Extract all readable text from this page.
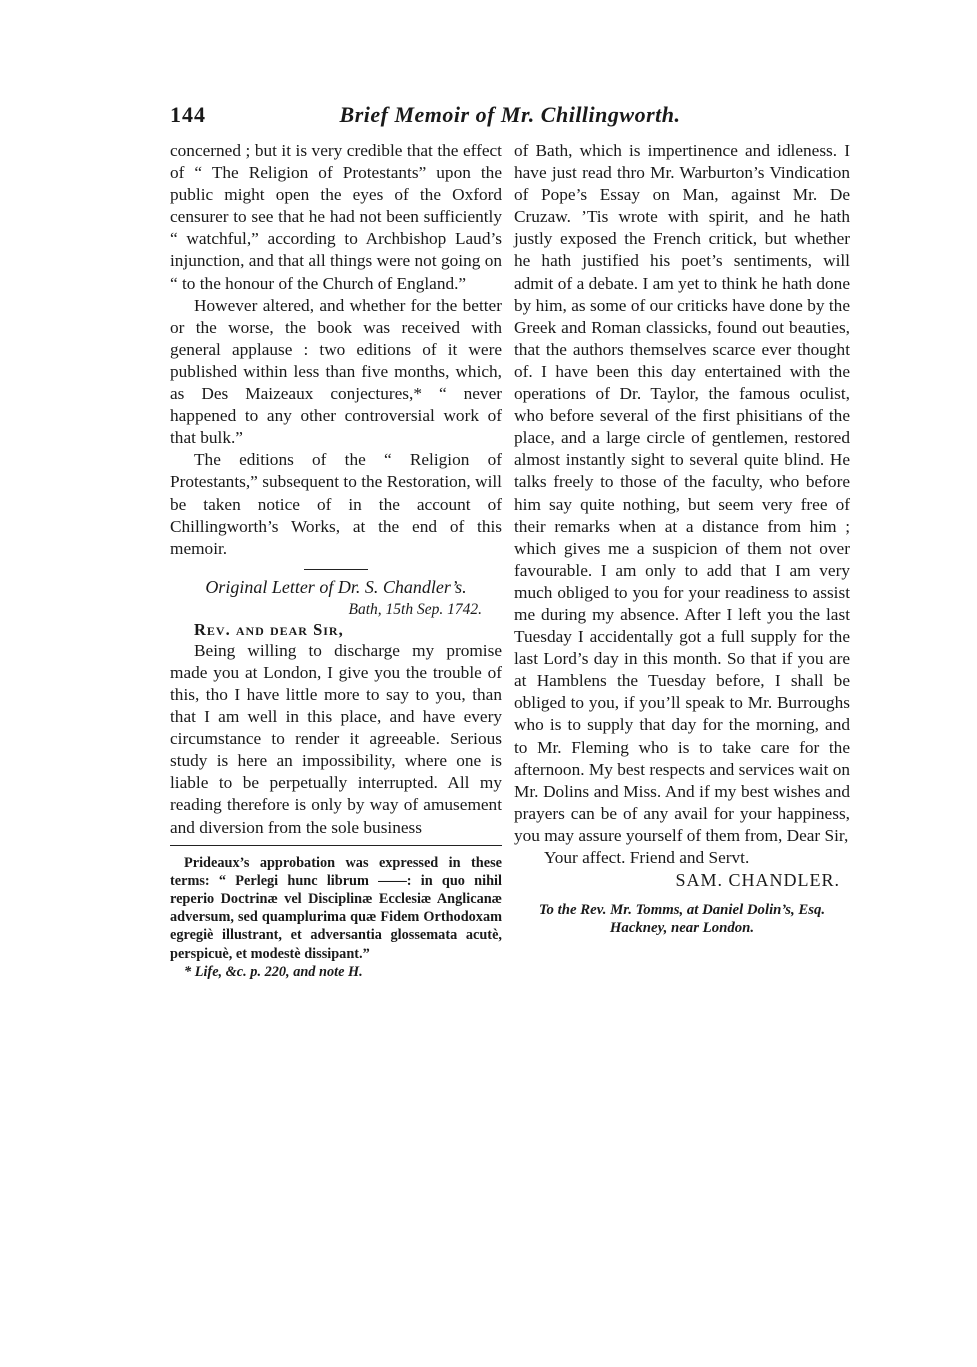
144	Brief Memoir of Mr. Chillingworth.

concerned ; but it is very credible that the effect of “ The Religion of Protestants” upon the public might open the eyes of the Oxford censurer to see that he had not been sufficiently “ watchful,” according to Archbishop Laud’s injunction, and that all things were not going on “ to the honour of the Church of England.”

However altered, and whether for the better or the worse, the book was received with general applause : two editions of it were published within less than five months, which, as Des Maizeaux conjectures,* “ never happened to any other controversial work of that bulk.”

The editions of the “ Religion of Protestants,” subsequent to the Restoration, will be taken notice of in the account of Chillingworth’s Works, at the end of this memoir.

Original Letter of Dr. S. Chandler’s.

Bath, 15th Sep. 1742.

Rev. and dear Sir,

Being willing to discharge my promise made you at London, I give you the trouble of this, tho I have little more to say to you, than that I am well in this place, and have every circumstance to render it agreeable. Serious study is here an impossibility, where one is liable to be perpetually interrupted. All my reading therefore is only by way of amusement and diversion from the sole business

Prideaux’s approbation was expressed in these terms: “ Perlegi hunc librum ——: in quo nihil reperio Doctrinæ vel Disciplinæ Ecclesiæ Anglicanæ adversum, sed quamplurima quæ Fidem Orthodoxam egregiè illustrant, et adversantia glossemata acutè, perspicuè, et modestè dissipant.”

* Life, &c. p. 220, and note H.

of Bath, which is impertinence and idleness. I have just read thro Mr. Warburton’s Vindication of Pope’s Essay on Man, against Mr. De Cruzaw. ’Tis wrote with spirit, and he hath justly exposed the French critick, but whether he hath justified his poet’s sentiments, will admit of a debate. I am yet to think he hath done by him, as some of our criticks have done by the Greek and Roman classicks, found out beauties, that the authors themselves scarce ever thought of. I have been this day entertained with the operations of Dr. Taylor, the famous oculist, who before several of the first phisitians of the place, and a large circle of gentlemen, restored almost instantly sight to several quite blind. He talks freely to those of the faculty, who before him say quite nothing, but seem very free of their remarks when at a distance from him ; which gives me a suspicion of them not over favourable. I am only to add that I am very much obliged to you for your readiness to assist me during my absence. After I left you the last Tuesday I accidentally got a full supply for the last Lord’s day in this month. So that if you are at Hamblens the Tuesday before, I shall be obliged to you, if you’ll speak to Mr. Burroughs who is to supply that day for the morning, and to Mr. Fleming who is to take care for the afternoon. My best respects and services wait on Mr. Dolins and Miss. And if my best wishes and prayers can be of any avail for your happiness, you may assure yourself of them from, Dear Sir,

Your affect. Friend and Servt.

SAM. CHANDLER.

To the Rev. Mr. Tomms, at Daniel Dolin’s, Esq. Hackney, near London.
